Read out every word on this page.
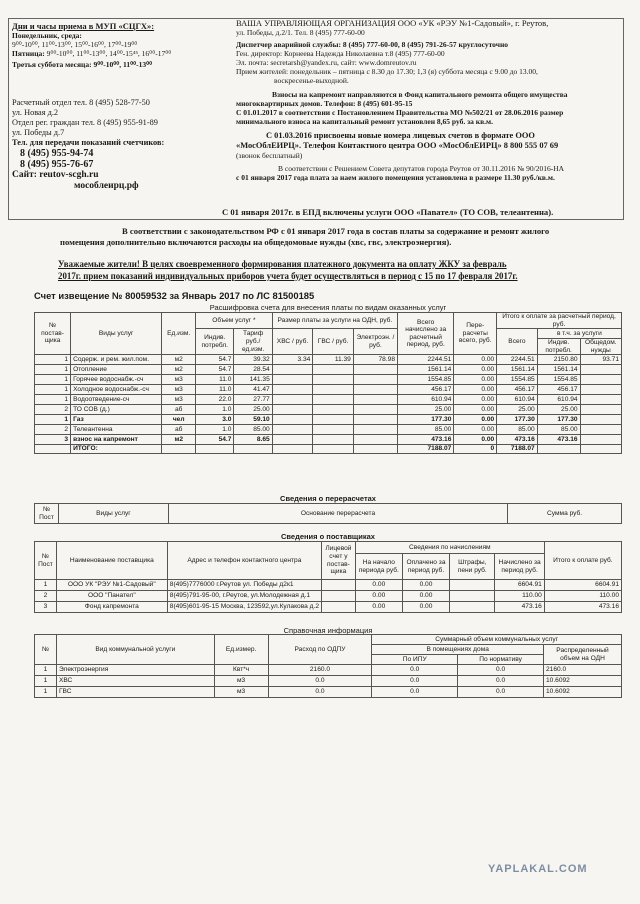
Дни и часы приема в МУП «СЦГХ»:
Понедельник, среда:
9⁰⁰-10⁰⁰, 11⁰⁰-13⁰⁰, 15⁰⁰-16⁰⁰, 17⁰⁰-19⁰⁰
Пятница: 9⁰⁰-10⁰⁰, 11⁰⁰-13⁰⁰, 14⁰⁰-15⁴⁵, 16⁰⁰-17⁰⁰
Третья суббота месяца: 9⁰⁰-10⁰⁰, 11⁰⁰-13⁰⁰
Расчетный отдел тел. 8 (495) 528-77-50
ул. Новая д.2
Отдел рег. граждан тел. 8 (495) 955-91-89
ул. Победы д.7
Тел. для передачи показаний счетчиков:
8 (495) 955-94-74
8 (495) 955-76-67
Сайт: reutov-scgh.ru
мособлеирц.рф
ВАША УПРАВЛЯЮЩАЯ ОРГАНИЗАЦИЯ ООО «УК «РЭУ №1-Садовый», г. Реутов,
ул. Победы, д.2/1. Тел. 8 (495) 777-60-00
Диспетчер аварийной службы: 8 (495) 777-60-00, 8 (495) 791-26-57 круглосуточно
Ген. директор: Корнеева Надежда Николаевна т.8 (495) 777-60-00
Эл. почта: secretarsh@yandex.ru, сайт: www.domreutov.ru
Прием жителей: понедельник – пятница с 8.30 до 17.30; 1,3 (я) суббота месяца с 9.00 до 13.00,
воскресенье-выходной.
Взносы на капремонт направляются в Фонд капитального ремонта общего имущества
многоквартирных домов. Телефон: 8 (495) 601-95-15
С 01.01.2017 в соответствии с Постановлением Правительства МО №502/21 от 28.06.2016 размер
минимального взноса на капитальный ремонт установлен 8,65 руб. за кв.м.
С 01.03.2016 присвоены новые номера лицевых счетов в формате ООО
«МосОблЕИРЦ». Телефон Контактного центра ООО «МосОблЕИРЦ» 8 800 555 07 69
(звонок бесплатный)
В соответствии с Решением Совета депутатов города Реутов от 30.11.2016 № 90/2016-НА
с 01 января 2017 года плата за наем жилого помещения установлена в размере 11.30 руб./кв.м.
С 01 января 2017г. в ЕПД включены услуги ООО «Паnaтел» (ТО СОВ, телеантенна).
В соответствии с законодательством РФ с 01 января 2017 года в состав платы за содержание и ремонт жилого
помещения дополнительно включаются расходы на общедомовые нужды (хвс, гвс, электроэнергия).
Уважаемые жители! В целях своевременного формирования платежного документа на оплату ЖКУ за февраль
2017г. прием показаний индивидуальных приборов учета будет осуществляться в период с 15 по 17 февраля 2017г.
Счет извещение № 80059532 за Январь 2017 по ЛС 81500185
Расшифровка счета для внесения платы по видам оказанных услуг
№ постав-щика	Виды услуг	Ед.изм.	Объем услуг *		Размер платы за услуги на ОДН, руб.			Всего начислено за расчетный период, руб.	Пере-расчеты всего, руб.	Итого к оплате за расчетный период, руб.		
			Индив. потребл.	Тариф руб./ед.изм.	ХВС / руб.	ГВС / руб.	Электроэн. / руб.			Всего	в т.ч. за услуги	
											Индив. потребл.	Общедом. нужды
1	Содерж. и рем. жил.пом.	м2	54.7	39.32	3.34	11.39	78.98	2244.51	0.00	2244.51	2150.80	93.71
1	Отопление	м2	54.7	28.54				1561.14	0.00	1561.14	1561.14	
1	Горячее водоснабж.-сч	м3	11.0	141.35				1554.85	0.00	1554.85	1554.85	
1	Холодное водоснабж.-сч	м3	11.0	41.47				456.17	0.00	456.17	456.17	
1	Водоотведение-сч	м3	22.0	27.77				610.94	0.00	610.94	610.94	
2	ТО СОВ (д.)	аб	1.0	25.00				25.00	0.00	25.00	25.00	
1	Газ	чел	3.0	59.10				177.30	0.00	177.30	177.30	
2	Телеантенна	аб	1.0	85.00				85.00	0.00	85.00	85.00	
3	взнос на капремонт	м2	54.7	8.65				473.16	0.00	473.16	473.16	
	ИТОГО:							7188.07	0	7188.07		
Сведения о перерасчетах
№ Пост	Виды услуг	Основание перерасчета	Сумма руб.
Сведения о поставщиках
№ Пост	Наименование поставщика	Адрес и телефон контактного центра	Лицевой счет у постав-щика	Сведения по начислениям				Итого к оплате руб.
				На начало периода руб.	Оплачено за период руб.	Штрафы, пени руб.	Начислено за период руб.	
1	ООО УК "РЭУ №1-Садовый"	8(495)7776000 г.Реутов ул. Победы д2к1		0.00	0.00		6604.91	6604.91
2	ООО "Панател"	8(495)791-95-00, г.Реутов, ул.Молодежная д.1		0.00	0.00		110.00	110.00
3	Фонд капремонта	8(495)601-95-15 Москва, 123592,ул.Кулакова д.2		0.00	0.00		473.16	473.16
Справочная информация
№	Вид коммунальной услуги	Ед.измер.	Расход по ОДПУ	Суммарный объем коммунальных услуг		
				В помещениях дома		Распределенный объем на ОДН
				По ИПУ	По нормативу	
1	Электроэнергия	Квт*ч	2160.0	0.0	0.0	2160.0
1	ХВС	м3	0.0	0.0	0.0	10.6092
1	ГВС	м3	0.0	0.0	0.0	10.6092
YAPLAKAL.COM
